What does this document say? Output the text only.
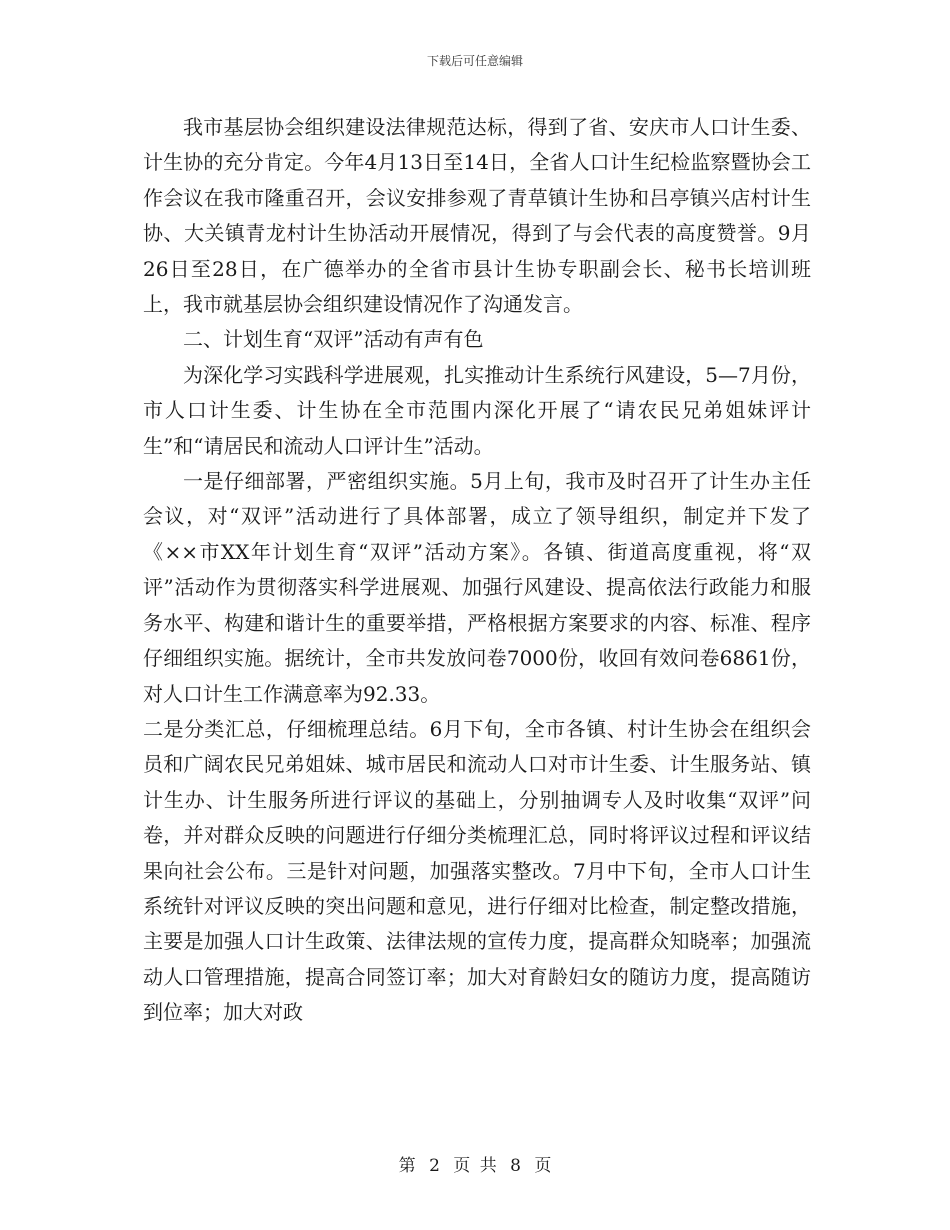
下载后可任意编辑

我市基层协会组织建设法律规范达标，得到了省、安庆市人口计生委、计生协的充分肯定。今年4月13日至14日，全省人口计生纪检监察暨协会工作会议在我市隆重召开，会议安排参观了青草镇计生协和吕亭镇兴店村计生协、大关镇青龙村计生协活动开展情况，得到了与会代表的高度赞誉。9月26日至28日，在广德举办的全省市县计生协专职副会长、秘书长培训班上，我市就基层协会组织建设情况作了沟通发言。

二、计划生育“双评”活动有声有色

为深化学习实践科学进展观，扎实推动计生系统行风建设，5—7月份，市人口计生委、计生协在全市范围内深化开展了“请农民兄弟姐妹评计生”和“请居民和流动人口评计生”活动。

一是仔细部署，严密组织实施。5月上旬，我市及时召开了计生办主任会议，对“双评”活动进行了具体部署，成立了领导组织，制定并下发了《××市XX年计划生育“双评”活动方案》。各镇、街道高度重视，将“双评”活动作为贯彻落实科学进展观、加强行风建设、提高依法行政能力和服务水平、构建和谐计生的重要举措，严格根据方案要求的内容、标准、程序仔细组织实施。据统计，全市共发放问卷7000份，收回有效问卷6861份，对人口计生工作满意率为92.33。

二是分类汇总，仔细梳理总结。6月下旬，全市各镇、村计生协会在组织会员和广阔农民兄弟姐妹、城市居民和流动人口对市计生委、计生服务站、镇计生办、计生服务所进行评议的基础上，分别抽调专人及时收集“双评”问卷，并对群众反映的问题进行仔细分类梳理汇总，同时将评议过程和评议结果向社会公布。三是针对问题，加强落实整改。7月中下旬，全市人口计生系统针对评议反映的突出问题和意见，进行仔细对比检查，制定整改措施，主要是加强人口计生政策、法律法规的宣传力度，提高群众知晓率；加强流动人口管理措施，提高合同签订率；加大对育龄妇女的随访力度，提高随访到位率；加大对政

第 2 页 共 8 页
